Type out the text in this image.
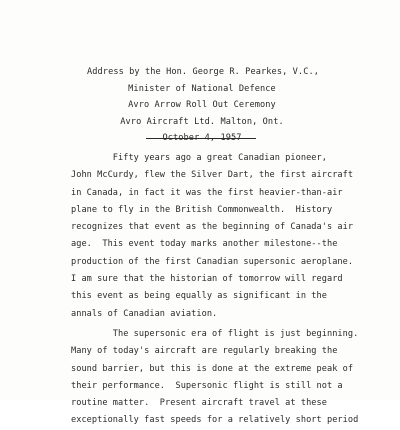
Address by the Hon. George R. Pearkes, V.C.,
Minister of National Defence
Avro Arrow Roll Out Ceremony
Avro Aircraft Ltd. Malton, Ont.
Fifty years ago a great Canadian pioneer,
John McCurdy, flew the Silver Dart, the first aircraft
in Canada, in fact it was the first heavier-than-air
plane to fly in the British Commonwealth.  History
recognizes that event as the beginning of Canada's air
age.  This event today marks another milestone--the
production of the first Canadian supersonic aeroplane.
I am sure that the historian of tomorrow will regard
this event as being equally as significant in the
annals of Canadian aviation.
The supersonic era of flight is just beginning.
Many of today's aircraft are regularly breaking the
sound barrier, but this is done at the extreme peak of
their performance.  Supersonic flight is still not a
routine matter.  Present aircraft travel at these
exceptionally fast speeds for a relatively short period
